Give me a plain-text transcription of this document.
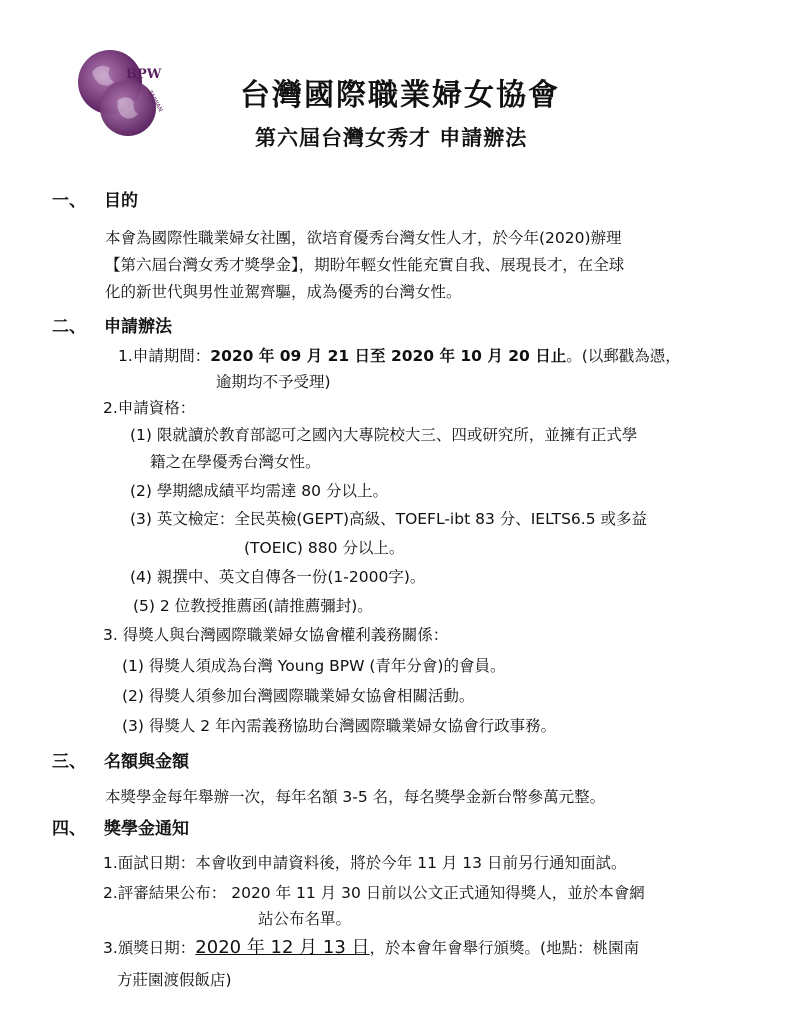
BPW
TAIWAN	台灣國際職業婦女協會
第六屆台灣女秀才 申請辦法
一、 目的
本會為國際性職業婦女社團，欲培育優秀台灣女性人才，於今年(2020)辦理
【第六屆台灣女秀才獎學金】，期盼年輕女性能充實自我、展現長才，在全球
化的新世代與男性並駕齊驅，成為優秀的台灣女性。
二、 申請辦法
1.申請期間：2020 年 09 月 21 日至 2020 年 10 月 20 日止。(以郵戳為憑，
逾期均不予受理)
2.申請資格：
(1) 限就讀於教育部認可之國內大專院校大三、四或研究所，並擁有正式學
籍之在學優秀台灣女性。
(2) 學期總成績平均需達 80 分以上。
(3) 英文檢定：全民英檢(GEPT)高級、TOEFL-ibt 83 分、IELTS6.5 或多益
(TOEIC) 880 分以上。
(4) 親撰中、英文自傳各一份(1-2000字)。
(5) 2 位教授推薦函(請推薦彌封)。
3. 得獎人與台灣國際職業婦女協會權利義務關係：
(1) 得獎人須成為台灣 Young BPW (青年分會)的會員。
(2) 得獎人須參加台灣國際職業婦女協會相關活動。
(3) 得獎人 2 年內需義務協助台灣國際職業婦女協會行政事務。
三、 名額與金額
本獎學金每年舉辦一次，每年名額 3-5 名，每名獎學金新台幣參萬元整。
四、 獎學金通知
1.面試日期：本會收到申請資料後，將於今年 11 月 13 日前另行通知面試。
2.評審結果公布： 2020 年 11 月 30 日前以公文正式通知得獎人，並於本會網
站公布名單。
3.頒獎日期：2020 年 12 月 13 日，於本會年會舉行頒獎。(地點：桃園南
方莊園渡假飯店)
